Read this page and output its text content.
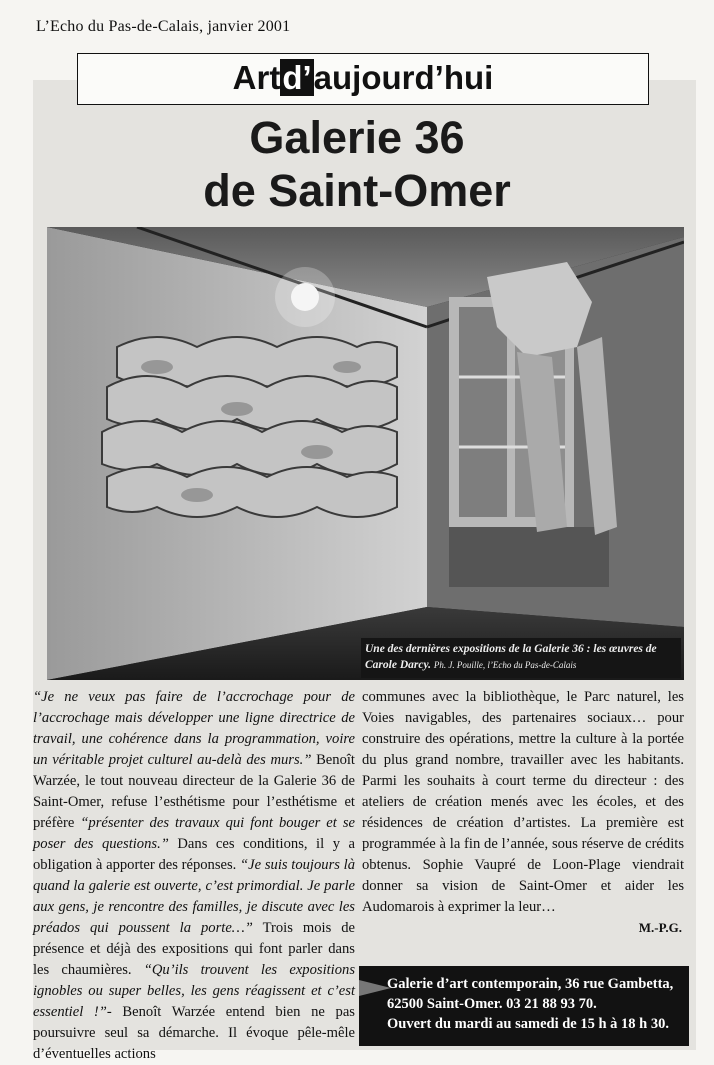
L’Echo du Pas-de-Calais, janvier 2001
Artd’aujourd’hui
Galerie 36
de Saint-Omer
Une des dernières expositions de la Galerie 36 : les œuvres de Carole Darcy. Ph. J. Pouille, l’Echo du Pas-de-Calais

“Je ne veux pas faire de l’accrochage pour de l’accrochage mais développer une ligne directrice de travail, une cohérence dans la programmation, voire un véritable projet culturel au-delà des murs.” Benoît Warzée, le tout nouveau directeur de la Galerie 36 de Saint-Omer, refuse l’esthétisme pour l’esthétisme et préfère “présenter des travaux qui font bouger et se poser des questions.” Dans ces conditions, il y a obligation à apporter des réponses. “Je suis toujours là quand la galerie est ouverte, c’est primordial. Je parle aux gens, je rencontre des familles, je discute avec les préados qui poussent la porte…” Trois mois de présence et déjà des expositions qui font parler dans les chaumières. “Qu’ils trouvent les expositions ignobles ou super belles, les gens réagissent et c’est essentiel !”- Benoît Warzée entend bien ne pas poursuivre seul sa démarche. Il évoque pêle-mêle d’éventuelles actions

communes avec la bibliothèque, le Parc naturel, les Voies navigables, des partenaires sociaux… pour construire des opérations, mettre la culture à la portée du plus grand nombre, travailler avec les habitants. Parmi les souhaits à court terme du directeur : des ateliers de création menés avec les écoles, et des résidences de création d’artistes. La première est programmée à la fin de l’année, sous réserve de crédits obtenus. Sophie Vaupré de Loon-Plage viendrait donner sa vision de Saint-Omer et aider les Audomarois à exprimer la leur…

M.-P.G.
Galerie d’art contemporain, 36 rue Gambetta, 62500 Saint-Omer. 03 21 88 93 70.
Ouvert du mardi au samedi de 15 h à 18 h 30.
